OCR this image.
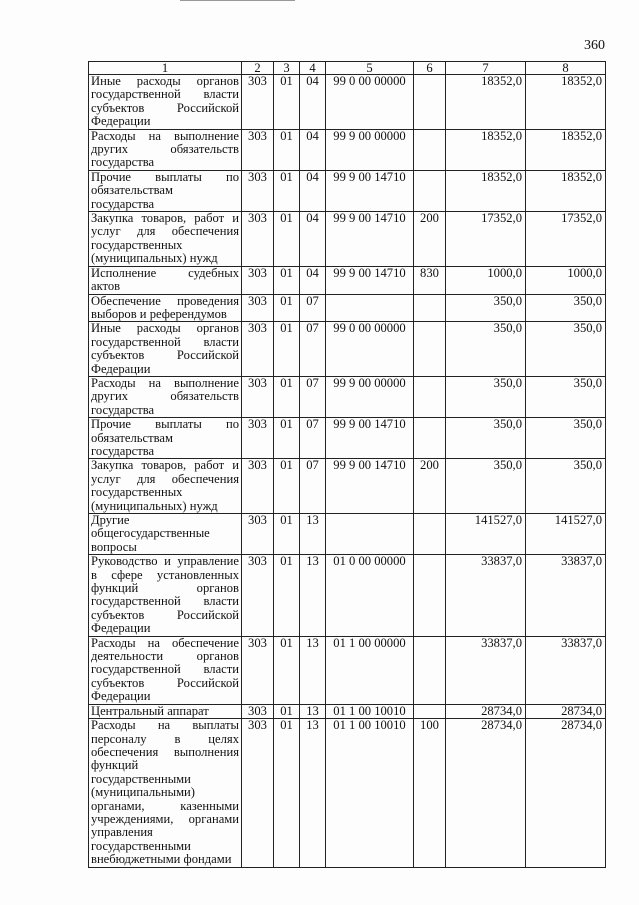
360
1	2	3	4	5	6	7	8
Иные расходы органов государственной власти субъектов Российской Федерации	303	01	04	99 0 00 00000		18352,0	18352,0
Расходы на выполнение других обязательств государства	303	01	04	99 9 00 00000		18352,0	18352,0
Прочие выплаты по обязательствам государства	303	01	04	99 9 00 14710		18352,0	18352,0
Закупка товаров, работ и услуг для обеспечения государственных (муниципальных) нужд	303	01	04	99 9 00 14710	200	17352,0	17352,0
Исполнение судебных актов	303	01	04	99 9 00 14710	830	1000,0	1000,0
Обеспечение проведения выборов и референдумов	303	01	07			350,0	350,0
Иные расходы органов государственной власти субъектов Российской Федерации	303	01	07	99 0 00 00000		350,0	350,0
Расходы на выполнение других обязательств государства	303	01	07	99 9 00 00000		350,0	350,0
Прочие выплаты по обязательствам государства	303	01	07	99 9 00 14710		350,0	350,0
Закупка товаров, работ и услуг для обеспечения государственных (муниципальных) нужд	303	01	07	99 9 00 14710	200	350,0	350,0
Другие общегосударственные вопросы	303	01	13			141527,0	141527,0
Руководство и управление в сфере установленных функций органов государственной власти субъектов Российской Федерации	303	01	13	01 0 00 00000		33837,0	33837,0
Расходы на обеспечение деятельности органов государственной власти субъектов Российской Федерации	303	01	13	01 1 00 00000		33837,0	33837,0
Центральный аппарат	303	01	13	01 1 00 10010		28734,0	28734,0
Расходы на выплаты персоналу в целях обеспечения выполнения функций государственными (муниципальными) органами, казенными учреждениями, органами управления государственными внебюджетными фондами	303	01	13	01 1 00 10010	100	28734,0	28734,0
